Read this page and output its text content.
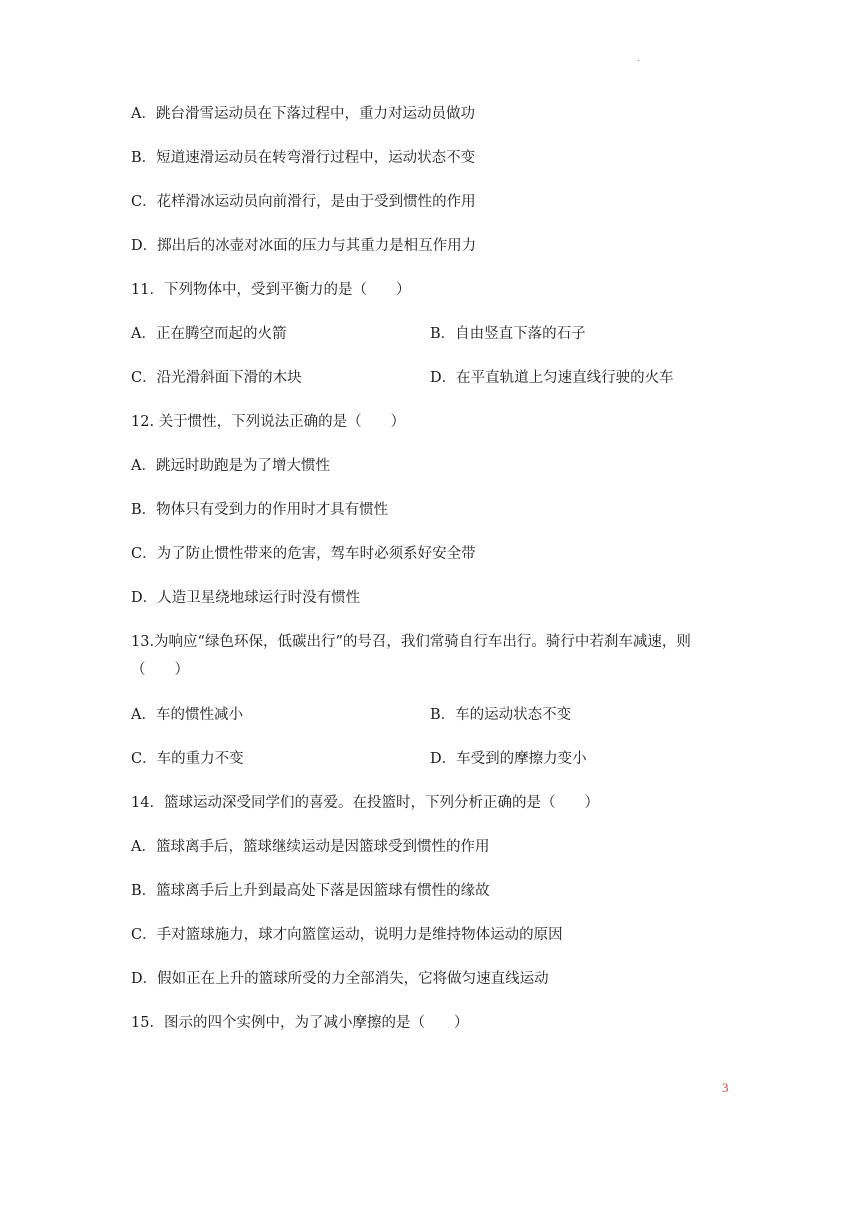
.
A．跳台滑雪运动员在下落过程中，重力对运动员做功
B．短道速滑运动员在转弯滑行过程中，运动状态不变
C．花样滑冰运动员向前滑行，是由于受到惯性的作用
D．掷出后的冰壶对冰面的压力与其重力是相互作用力
11．下列物体中，受到平衡力的是（　　）
A．正在腾空而起的火箭	B．自由竖直下落的石子
C．沿光滑斜面下滑的木块	D．在平直轨道上匀速直线行驶的火车
12. 关于惯性，下列说法正确的是（　　）
A．跳远时助跑是为了增大惯性
B．物体只有受到力的作用时才具有惯性
C．为了防止惯性带来的危害，驾车时必须系好安全带
D．人造卫星绕地球运行时没有惯性
13.为响应“绿色环保，低碳出行”的号召，我们常骑自行车出行。骑行中若刹车减速，则
（　　）
A．车的惯性减小	B．车的运动状态不变
C．车的重力不变	D．车受到的摩擦力变小
14．篮球运动深受同学们的喜爱。在投篮时，下列分析正确的是（　　）
A．篮球离手后，篮球继续运动是因篮球受到惯性的作用
B．篮球离手后上升到最高处下落是因篮球有惯性的缘故
C．手对篮球施力，球才向篮筐运动，说明力是维持物体运动的原因
D．假如正在上升的篮球所受的力全部消失，它将做匀速直线运动
15．图示的四个实例中，为了减小摩擦的是（　　）
3
